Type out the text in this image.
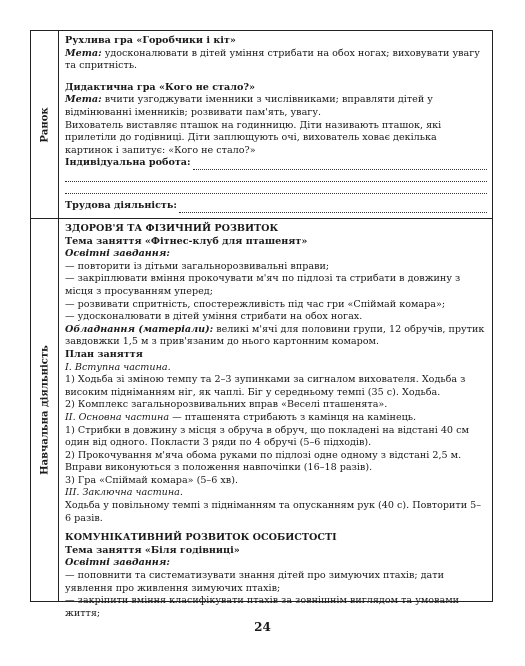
Ранок

Рухлива гра «Горобчики і кіт»

Мета: удосконалювати в дітей уміння стрибати на обох ногах; виховувати увагу та спритність.

Дидактична гра «Кого не стало?»

Мета: вчити узгоджувати іменники з числівниками; вправляти дітей у відмінюванні іменників; розвивати пам'ять, увагу.

Вихователь виставляє пташок на годинницю. Діти називають пташок, які прилетіли до годівниці. Діти заплющують очі, вихователь ховає декілька картинок і запитує: «Кого не стало?»

Індивідуальна робота:
Трудова діяльність:
Навчальна діяльність

ЗДОРОВ'Я ТА ФІЗИЧНИЙ РОЗВИТОК

Тема заняття «Фітнес-клуб для пташенят»

Освітні завдання:

— повторити із дітьми загальнорозвивальні вправи;

— закріплювати вміння прокочувати м'яч по підлозі та стрибати в довжину з місця з просуванням уперед;

— розвивати спритність, спостережливість під час гри «Спіймай комара»;

— удосконалювати в дітей уміння стрибати на обох ногах.

Обладнання (матеріали): великі м'ячі для половини групи, 12 обручів, прутик завдовжки 1,5 м з прив'язаним до нього картонним комаром.

План заняття

I. Вступна частина.

1) Ходьба зі зміною темпу та 2–3 зупинками за сигналом вихователя. Ходьба з високим підніманням ніг, як чаплі. Біг у середньому темпі (35 с). Ходьба.

2) Комплекс загальнорозвивальних вправ «Веселі пташенята».

II. Основна частина — пташенята стрибають з камінця на камінець.

1) Стрибки в довжину з місця з обруча в обруч, що покладені на відстані 40 см один від одного. Покласти 3 ряди по 4 обручі (5–6 підходів).

2) Прокочування м'яча обома руками по підлозі одне одному з відстані 2,5 м. Вправи виконуються з положення навпочіпки (16–18 разів).

3) Гра «Спіймай комара» (5–6 хв).

III. Заключна частина.

Ходьба у повільному темпі з підніманням та опусканням рук (40 с). Повторити 5–6 разів.

КОМУНІКАТИВНИЙ РОЗВИТОК ОСОБИСТОСТІ

Тема заняття «Біля годівниці»

Освітні завдання:

— поповнити та систематизувати знання дітей про зимуючих птахів; дати уявлення про живлення зимуючих птахів;

— закріпити вміння класифікувати птахів за зовнішнім виглядом та умовами життя;

24
